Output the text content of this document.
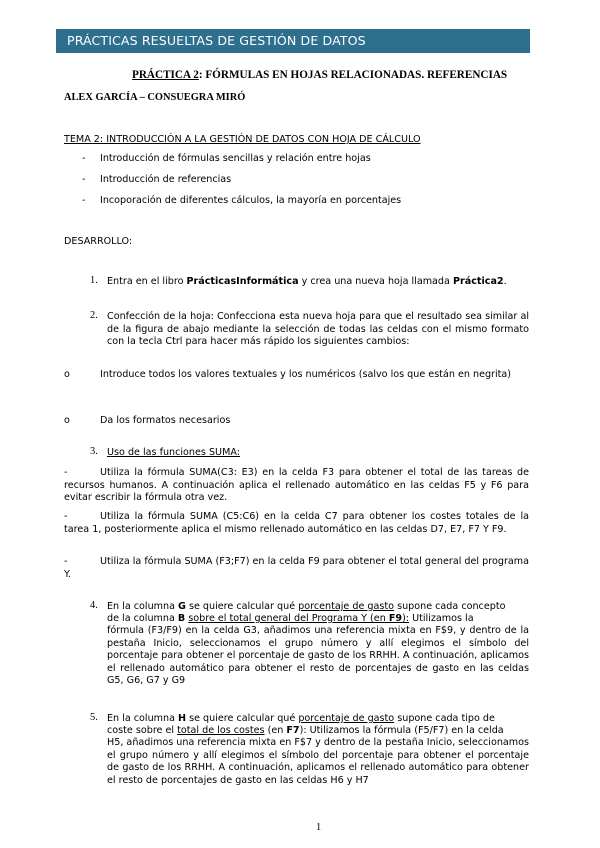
PRÁCTICAS RESUELTAS DE GESTIÓN DE DATOS
PRÁCTICA 2: FÓRMULAS EN HOJAS RELACIONADAS. REFERENCIAS
ALEX GARCÍA – CONSUEGRA MIRÓ
TEMA 2: INTRODUCCIÓN A LA GESTIÓN DE DATOS CON HOJA DE CÁLCULO
- Introducción de fórmulas sencillas y relación entre hojas
- Introducción de referencias
- Incoporación de diferentes cálculos, la mayoría en porcentajes
DESARROLLO:
1. Entra en el libro PrácticasInformática y crea una nueva hoja llamada Práctica2.
2. Confección de la hoja: Confecciona esta nueva hoja para que el resultado sea similar al de la figura de abajo mediante la selección de todas las celdas con el mismo formato con la tecla Ctrl para hacer más rápido los siguientes cambios:
o	Introduce todos los valores textuales y los numéricos (salvo los que están en negrita)
o	Da los formatos necesarios
3. Uso de las funciones SUMA:
-	Utiliza la fórmula SUMA(C3: E3) en la celda F3 para obtener el total de las tareas de recursos humanos. A continuación aplica el rellenado automático en las celdas F5 y F6 para evitar escribir la fórmula otra vez.
-	Utiliza la fórmula SUMA (C5:C6) en la celda C7 para obtener los costes totales de la tarea 1, posteriormente aplica el mismo rellenado automático en las celdas D7, E7, F7 Y F9.
-	Utiliza la fórmula SUMA (F3;F7) en la celda F9 para obtener el total general del programa Y.
4. En la columna G se quiere calcular qué porcentaje de gasto supone cada concepto
de la columna B sobre el total general del Programa Y (en F9): Utilizamos la
fórmula (F3/F9) en la celda G3, añadimos una referencia mixta en F$9, y dentro de la pestaña Inicio, seleccionamos el grupo número y allí elegimos el símbolo del porcentaje para obtener el porcentaje de gasto de los RRHH. A continuación, aplicamos el rellenado automático para obtener el resto de porcentajes de gasto en las celdas G5, G6, G7 y G9
5. En la columna H se quiere calcular qué porcentaje de gasto supone cada tipo de
coste sobre el total de los costes (en F7): Utilizamos la fórmula (F5/F7) en la celda
H5, añadimos una referencia mixta en F$7 y dentro de la pestaña Inicio, seleccionamos el grupo número y allí elegimos el símbolo del porcentaje para obtener el porcentaje de gasto de los RRHH. A continuación, aplicamos el rellenado automático para obtener el resto de porcentajes de gasto en las celdas H6 y H7
1
